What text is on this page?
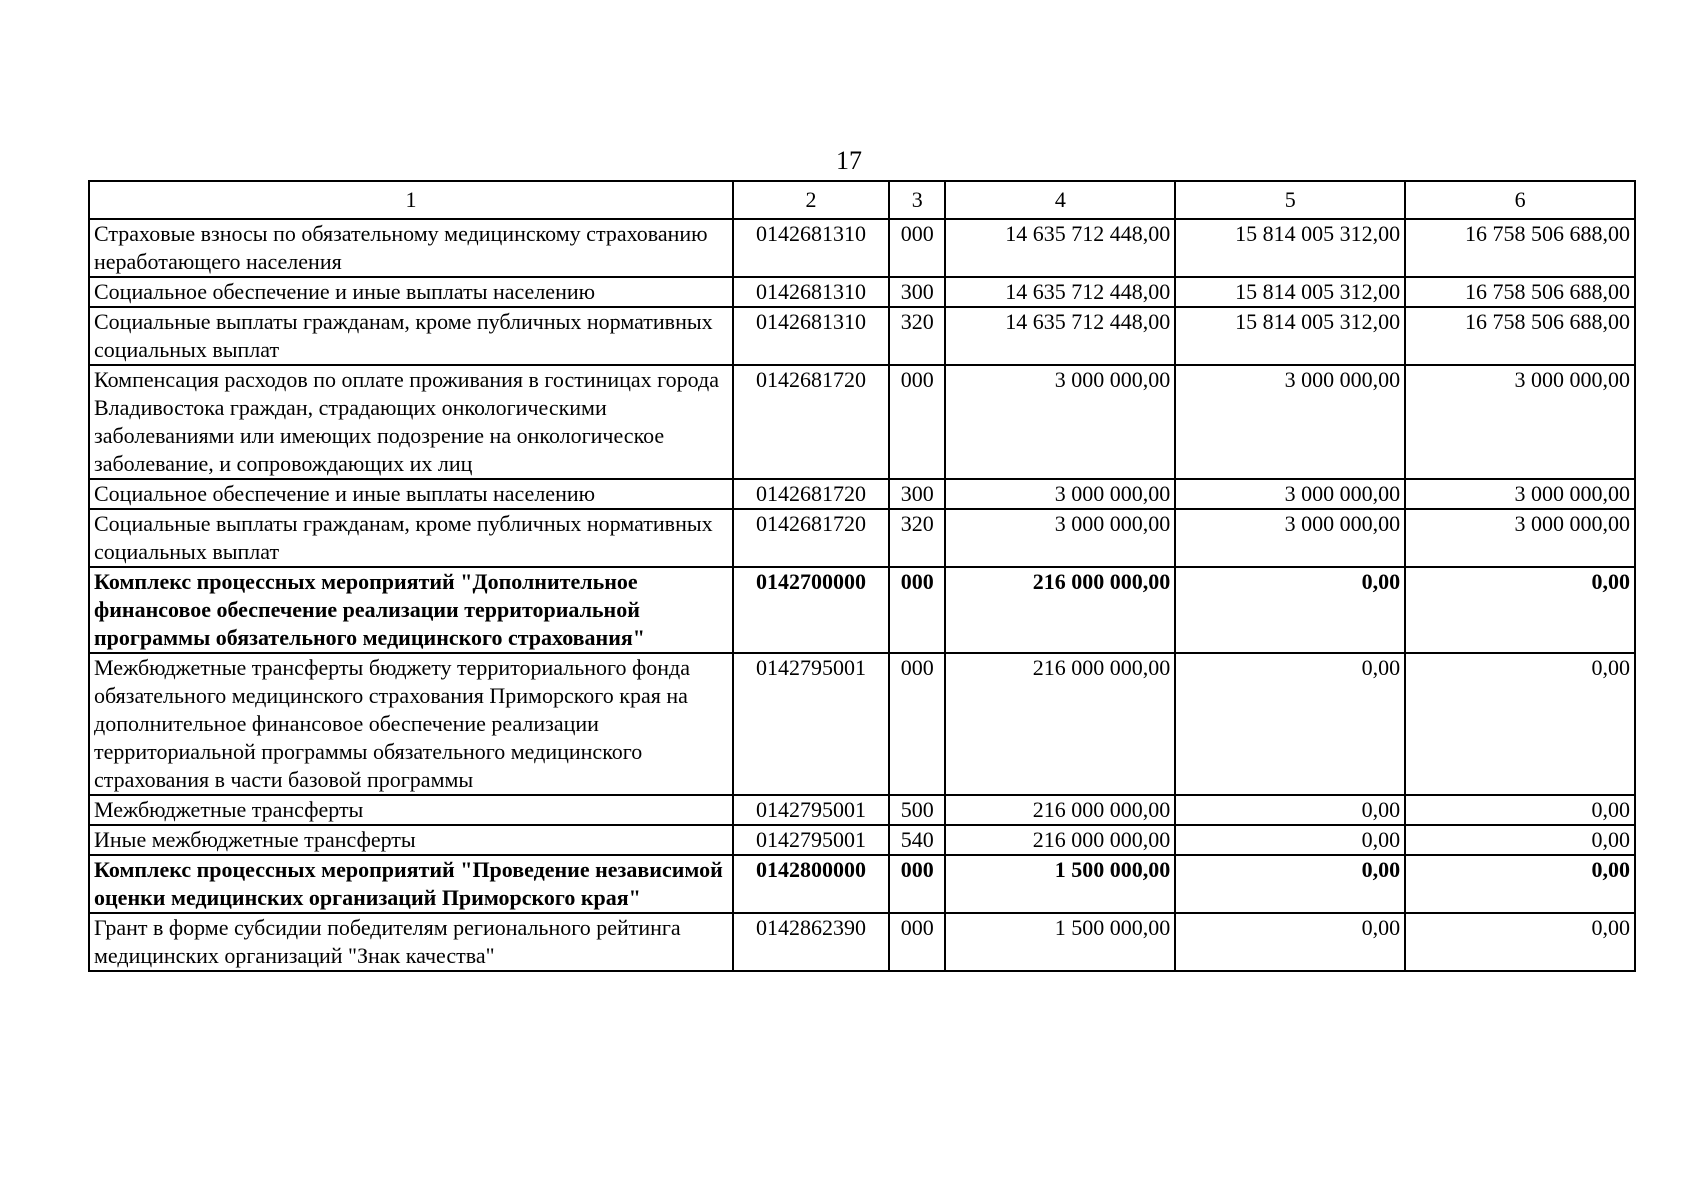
17
1	2	3	4	5	6
Страховые взносы по обязательному медицинскому страхованию неработающего населения	0142681310	000	14 635 712 448,00	15 814 005 312,00	16 758 506 688,00
Социальное обеспечение и иные выплаты населению	0142681310	300	14 635 712 448,00	15 814 005 312,00	16 758 506 688,00
Социальные выплаты гражданам, кроме публичных нормативных социальных выплат	0142681310	320	14 635 712 448,00	15 814 005 312,00	16 758 506 688,00
Компенсация расходов по оплате проживания в гостиницах города Владивостока граждан, страдающих онкологическими заболеваниями или имеющих подозрение на онкологическое заболевание, и сопровождающих их лиц	0142681720	000	3 000 000,00	3 000 000,00	3 000 000,00
Социальное обеспечение и иные выплаты населению	0142681720	300	3 000 000,00	3 000 000,00	3 000 000,00
Социальные выплаты гражданам, кроме публичных нормативных социальных выплат	0142681720	320	3 000 000,00	3 000 000,00	3 000 000,00
Комплекс процессных мероприятий "Дополнительное финансовое обеспечение реализации территориальной программы обязательного медицинского страхования"	0142700000	000	216 000 000,00	0,00	0,00
Межбюджетные трансферты бюджету территориального фонда обязательного медицинского страхования Приморского края на дополнительное финансовое обеспечение реализации территориальной программы обязательного медицинского страхования в части базовой программы	0142795001	000	216 000 000,00	0,00	0,00
Межбюджетные трансферты	0142795001	500	216 000 000,00	0,00	0,00
Иные межбюджетные трансферты	0142795001	540	216 000 000,00	0,00	0,00
Комплекс процессных мероприятий "Проведение независимой оценки медицинских организаций Приморского края"	0142800000	000	1 500 000,00	0,00	0,00
Грант в форме субсидии победителям регионального рейтинга медицинских организаций "Знак качества"	0142862390	000	1 500 000,00	0,00	0,00
